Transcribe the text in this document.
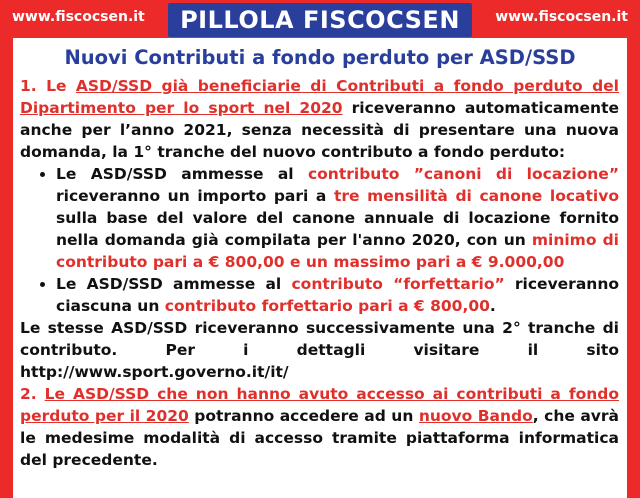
www.fiscocsen.it	PILLOLA FISCOCSEN	www.fiscocsen.it
Nuovi Contributi a fondo perduto per ASD/SSD

1. Le ASD/SSD già beneficiarie di Contributi a fondo perduto del Dipartimento per lo sport nel 2020 riceveranno automaticamente anche per l’anno 2021, senza necessità di presentare una nuova domanda, la 1° tranche del nuovo contributo a fondo perduto:

• Le ASD/SSD ammesse al contributo ”canoni di locazione” riceveranno un importo pari a tre mensilità di canone locativo sulla base del valore del canone annuale di locazione fornito nella domanda già compilata per l'anno 2020, con un minimo di contributo pari a € 800,00 e un massimo pari a € 9.000,00
• Le ASD/SSD ammesse al contributo “forfettario” riceveranno ciascuna un contributo forfettario pari a € 800,00.

Le stesse ASD/SSD riceveranno successivamente una 2° tranche di contributo. Per i dettagli visitare il sito http://www.sport.governo.it/it/

2. Le ASD/SSD che non hanno avuto accesso ai contributi a fondo perduto per il 2020 potranno accedere ad un nuovo Bando, che avrà le medesime modalità di accesso tramite piattaforma informatica del precedente.
